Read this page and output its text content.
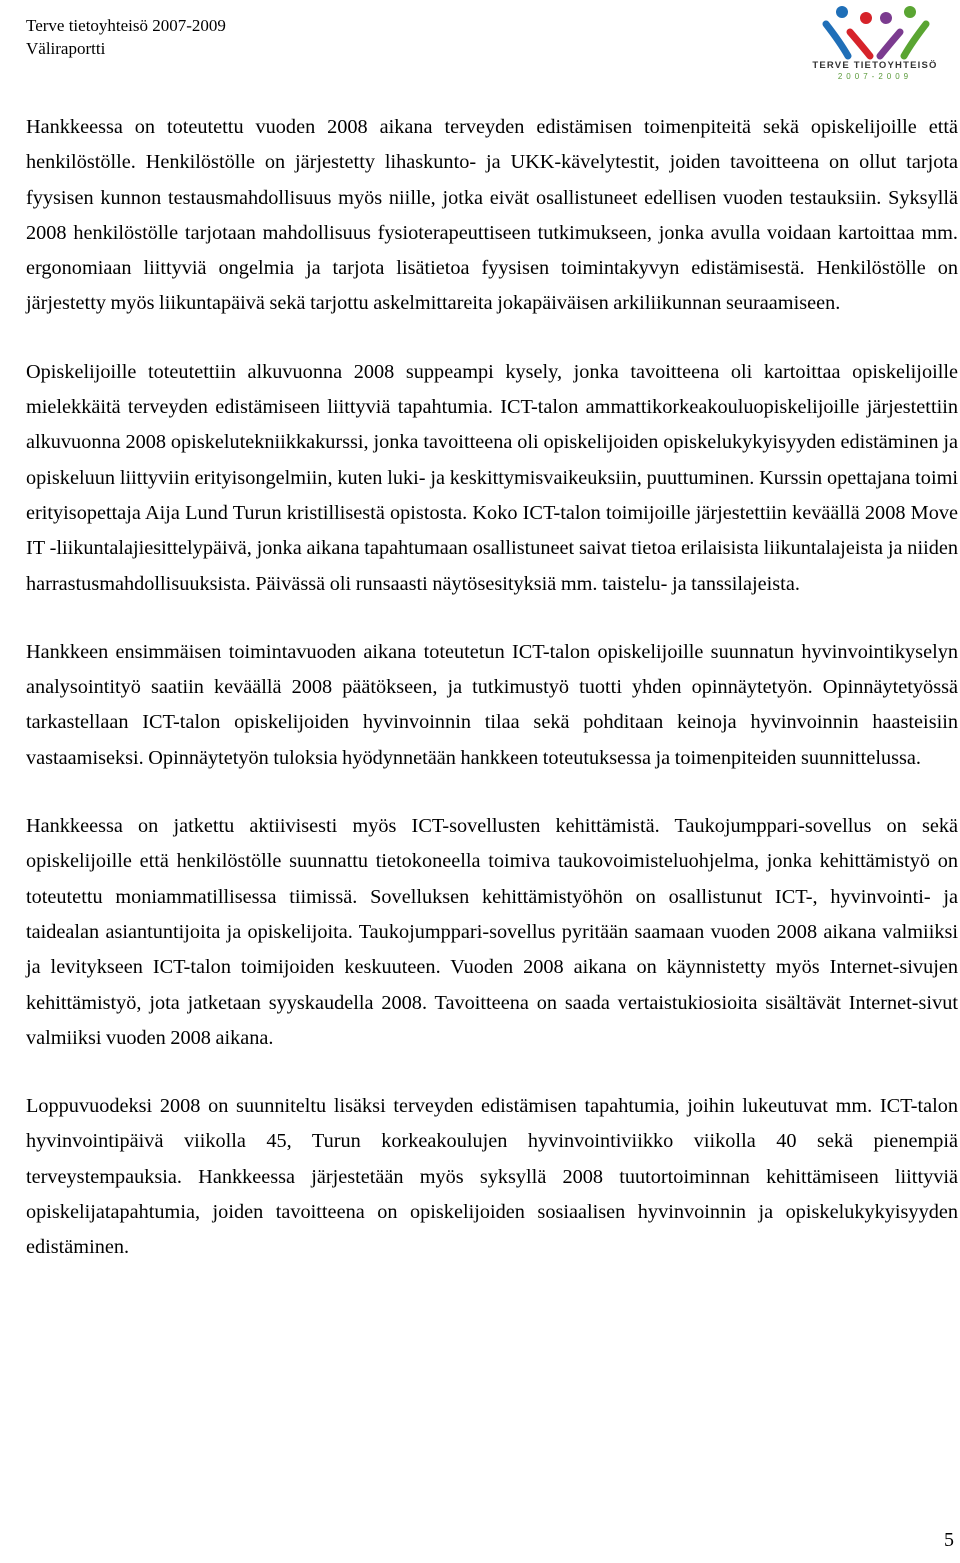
Terve tietoyhteisö 2007-2009
Väliraportti
TERVE TIETOYHTEISÖ
2007-2009

Hankkeessa on toteutettu vuoden 2008 aikana terveyden edistämisen toimenpiteitä sekä opiskelijoille että henkilöstölle. Henkilöstölle on järjestetty lihaskunto- ja UKK-kävelytestit, joiden tavoitteena on ollut tarjota fyysisen kunnon testausmahdollisuus myös niille, jotka eivät osallistuneet edellisen vuoden testauksiin. Syksyllä 2008 henkilöstölle tarjotaan mahdollisuus fysioterapeuttiseen tutkimukseen, jonka avulla voidaan kartoittaa mm. ergonomiaan liittyviä ongelmia ja tarjota lisätietoa fyysisen toimintakyvyn edistämisestä. Henkilöstölle on järjestetty myös liikuntapäivä sekä tarjottu askelmittareita jokapäiväisen arkiliikunnan seuraamiseen.

Opiskelijoille toteutettiin alkuvuonna 2008 suppeampi kysely, jonka tavoitteena oli kartoittaa opiskelijoille mielekkäitä terveyden edistämiseen liittyviä tapahtumia. ICT-talon ammattikorkeakouluopiskelijoille järjestettiin alkuvuonna 2008 opiskelutekniikkakurssi, jonka tavoitteena oli opiskelijoiden opiskelukykyisyyden edistäminen ja opiskeluun liittyviin erityisongelmiin, kuten luki- ja keskittymisvaikeuksiin, puuttuminen. Kurssin opettajana toimi erityisopettaja Aija Lund Turun kristillisestä opistosta. Koko ICT-talon toimijoille järjestettiin keväällä 2008 Move IT -liikuntalajiesittelypäivä, jonka aikana tapahtumaan osallistuneet saivat tietoa erilaisista liikuntalajeista ja niiden harrastusmahdollisuuksista. Päivässä oli runsaasti näytösesityksiä mm. taistelu- ja tanssilajeista.

Hankkeen ensimmäisen toimintavuoden aikana toteutetun ICT-talon opiskelijoille suunnatun hyvinvointikyselyn analysointityö saatiin keväällä 2008 päätökseen, ja tutkimustyö tuotti yhden opinnäytetyön. Opinnäytetyössä tarkastellaan ICT-talon opiskelijoiden hyvinvoinnin tilaa sekä pohditaan keinoja hyvinvoinnin haasteisiin vastaamiseksi. Opinnäytetyön tuloksia hyödynnetään hankkeen toteutuksessa ja toimenpiteiden suunnittelussa.

Hankkeessa on jatkettu aktiivisesti myös ICT-sovellusten kehittämistä. Taukojumppari-sovellus on sekä opiskelijoille että henkilöstölle suunnattu tietokoneella toimiva taukovoimisteluohjelma, jonka kehittämistyö on toteutettu moniammatillisessa tiimissä. Sovelluksen kehittämistyöhön on osallistunut ICT-, hyvinvointi- ja taidealan asiantuntijoita ja opiskelijoita. Taukojumppari-sovellus pyritään saamaan vuoden 2008 aikana valmiiksi ja levitykseen ICT-talon toimijoiden keskuuteen. Vuoden 2008 aikana on käynnistetty myös Internet-sivujen kehittämistyö, jota jatketaan syyskaudella 2008. Tavoitteena on saada vertaistukiosioita sisältävät Internet-sivut valmiiksi vuoden 2008 aikana.

Loppuvuodeksi 2008 on suunniteltu lisäksi terveyden edistämisen tapahtumia, joihin lukeutuvat mm. ICT-talon hyvinvointipäivä viikolla 45, Turun korkeakoulujen hyvinvointiviikko viikolla 40 sekä pienempiä terveystempauksia. Hankkeessa järjestetään myös syksyllä 2008 tuutortoiminnan kehittämiseen liittyviä opiskelijatapahtumia, joiden tavoitteena on opiskelijoiden sosiaalisen hyvinvoinnin ja opiskelukykyisyyden edistäminen.

5
